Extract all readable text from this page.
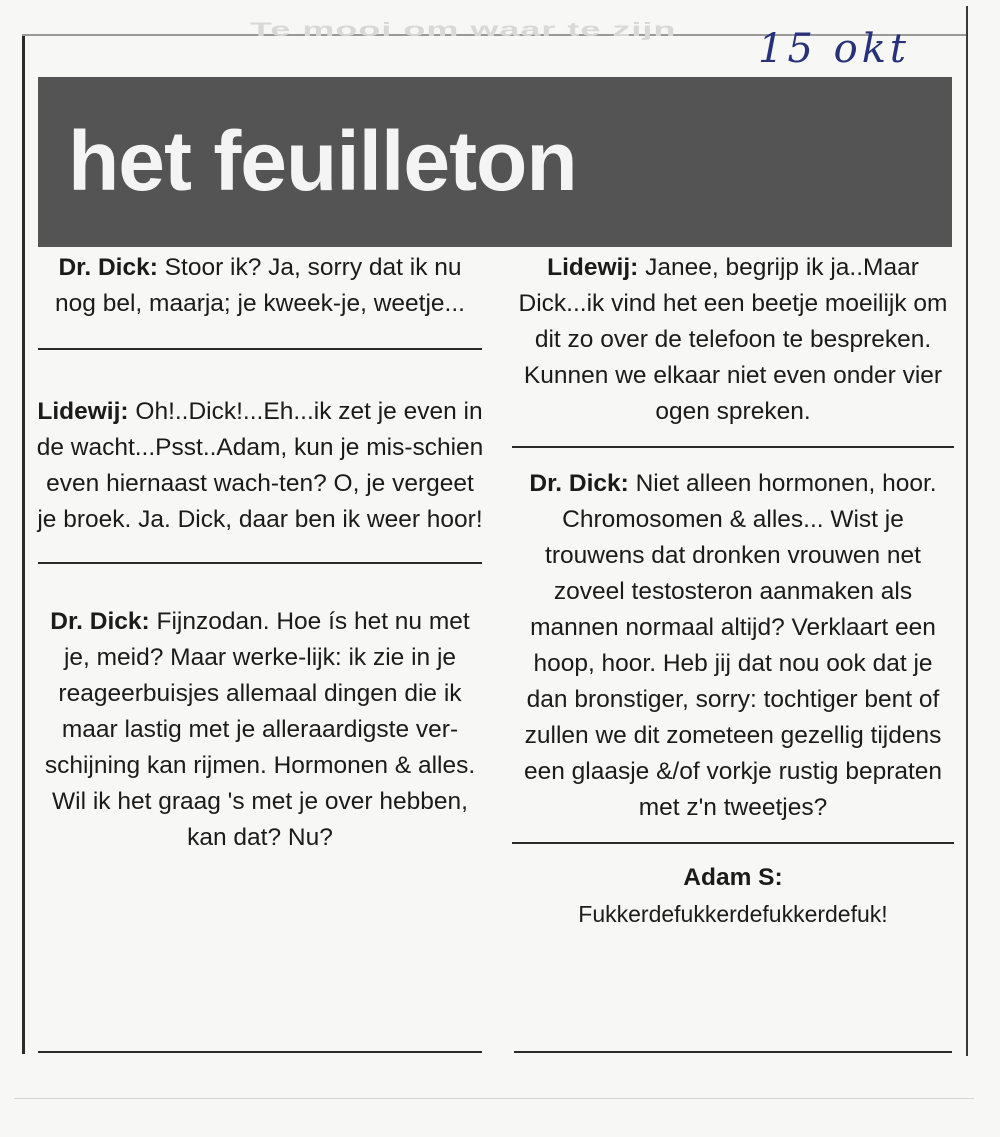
Te mooi om waar te zijn 15 okt
het feuilleton

Dr. Dick: Stoor ik? Ja, sorry dat ik nu nog bel, maarja; je kweek-je, weetje...

Lidewij: Oh!..Dick!...Eh...ik zet je even in de wacht...Psst..Adam, kun je mis-schien even hiernaast wach-ten? O, je vergeet je broek. Ja. Dick, daar ben ik weer hoor!

Dr. Dick: Fijnzodan. Hoe ís het nu met je, meid? Maar werke-lijk: ik zie in je reageerbuisjes allemaal dingen die ik maar lastig met je alleraardigste ver-schijning kan rijmen. Hormonen & alles. Wil ik het graag 's met je over hebben, kan dat? Nu?

Lidewij: Janee, begrijp ik ja..Maar Dick...ik vind het een beetje moeilijk om dit zo over de telefoon te bespreken. Kunnen we elkaar niet even onder vier ogen spreken.

Dr. Dick: Niet alleen hormonen, hoor. Chromosomen & alles... Wist je trouwens dat dronken vrouwen net zoveel testosteron aanmaken als mannen normaal altijd? Verklaart een hoop, hoor. Heb jij dat nou ook dat je dan bronstiger, sorry: tochtiger bent of zullen we dit zometeen gezellig tijdens een glaasje &/of vorkje rustig bepraten met z'n tweetjes?

Adam S:
Fukkerdefukkerdefukkerdefuk!
